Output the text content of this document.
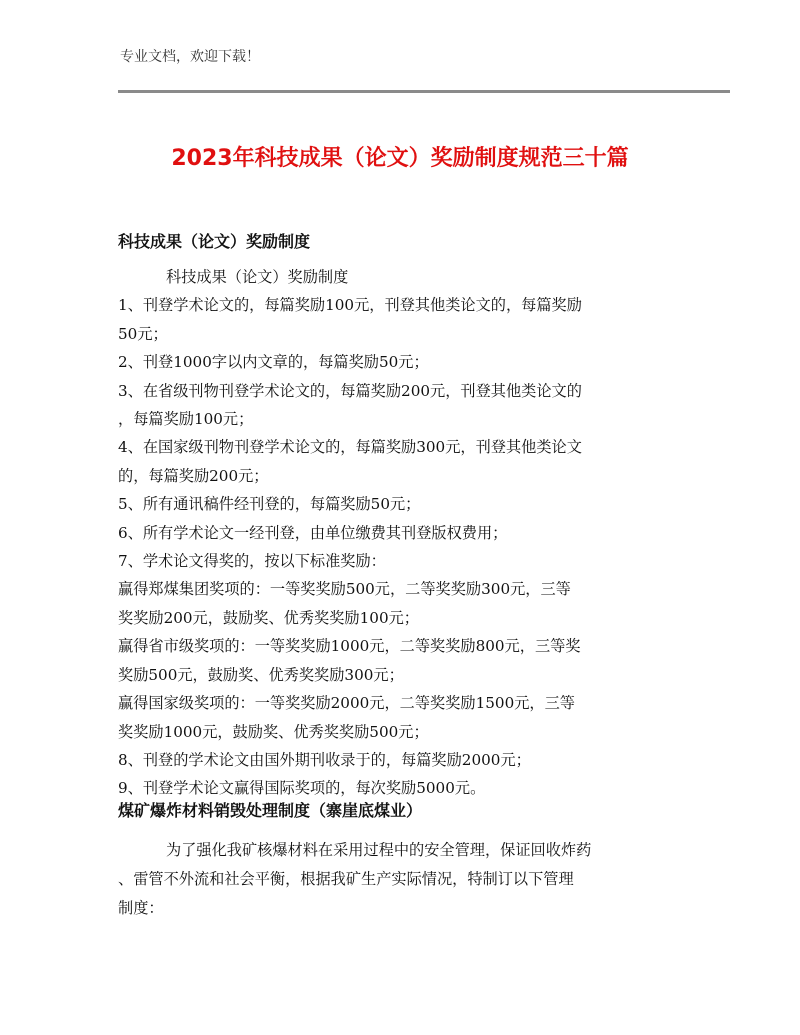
专业文档，欢迎下载！
2023年科技成果（论文）奖励制度规范三十篇
科技成果（论文）奖励制度
科技成果（论文）奖励制度
1、刊登学术论文的，每篇奖励100元，刊登其他类论文的，每篇奖励
50元；
2、刊登1000字以内文章的，每篇奖励50元；
3、在省级刊物刊登学术论文的，每篇奖励200元，刊登其他类论文的
，每篇奖励100元；
4、在国家级刊物刊登学术论文的，每篇奖励300元，刊登其他类论文
的，每篇奖励200元；
5、所有通讯稿件经刊登的，每篇奖励50元；
6、所有学术论文一经刊登，由单位缴费其刊登版权费用；
7、学术论文得奖的，按以下标准奖励：
赢得郑煤集团奖项的：一等奖奖励500元，二等奖奖励300元，三等
奖奖励200元，鼓励奖、优秀奖奖励100元；
赢得省市级奖项的：一等奖奖励1000元，二等奖奖励800元，三等奖
奖励500元，鼓励奖、优秀奖奖励300元；
赢得国家级奖项的：一等奖奖励2000元，二等奖奖励1500元，三等
奖奖励1000元，鼓励奖、优秀奖奖励500元；
8、刊登的学术论文由国外期刊收录于的，每篇奖励2000元；
9、刊登学术论文赢得国际奖项的，每次奖励5000元。
煤矿爆炸材料销毁处理制度（寨崖底煤业）
为了强化我矿核爆材料在采用过程中的安全管理，保证回收炸药
、雷管不外流和社会平衡，根据我矿生产实际情况，特制订以下管理
制度：
